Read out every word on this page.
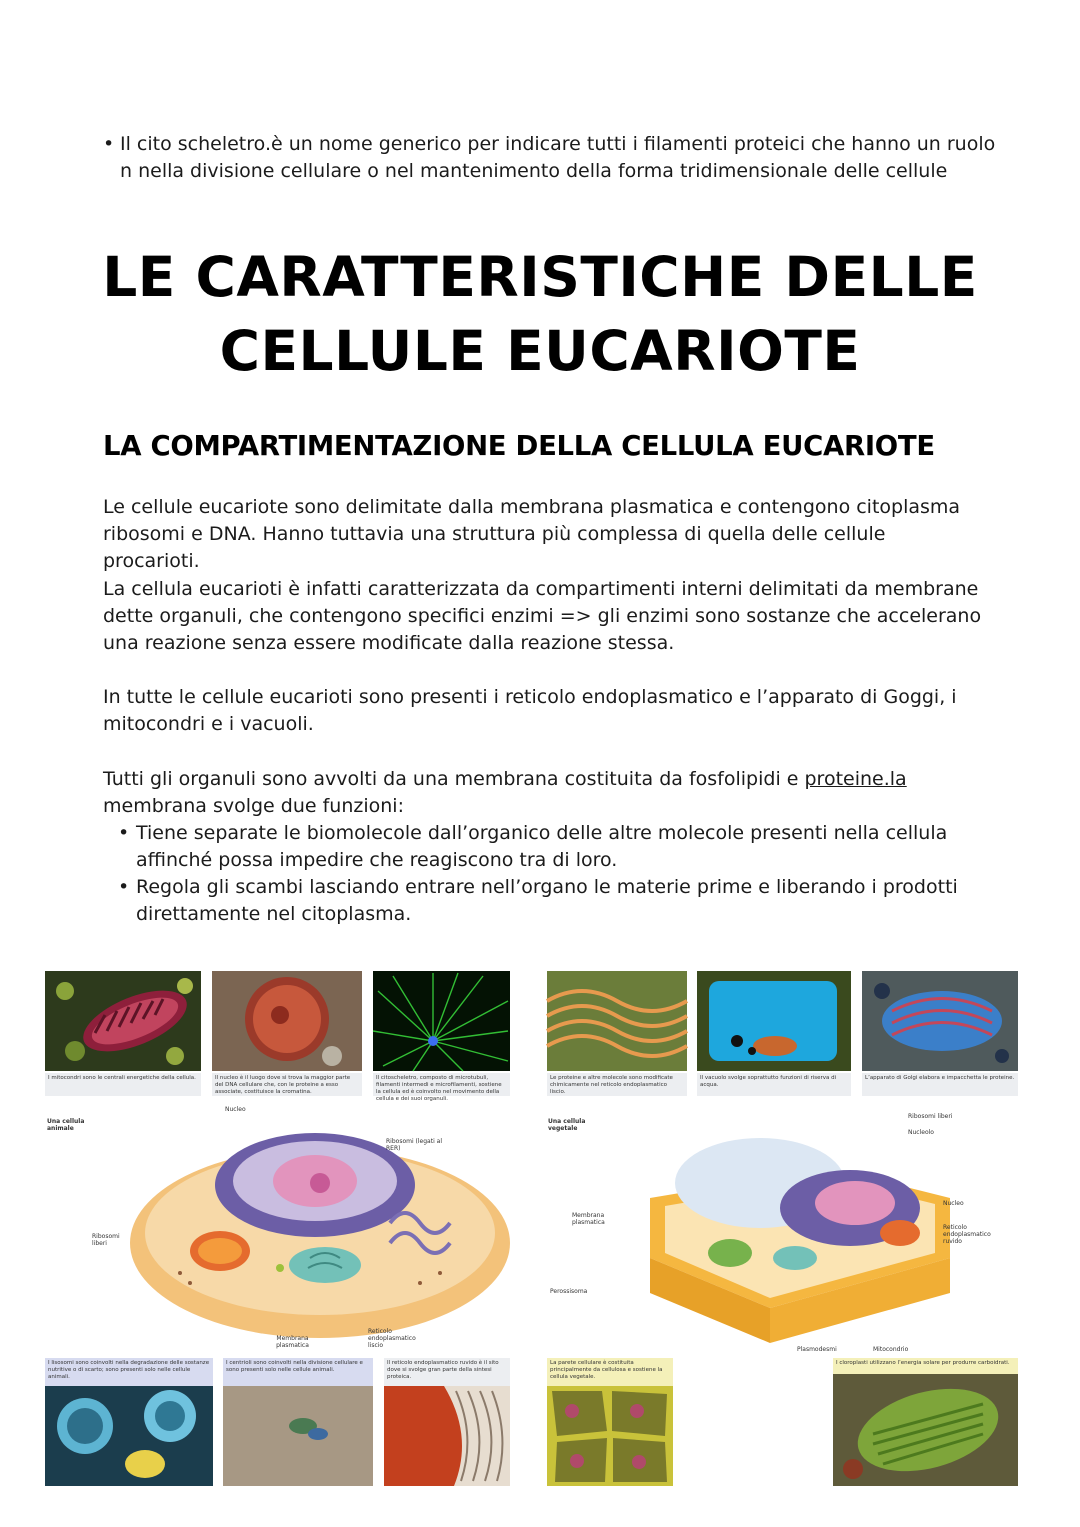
• Il cito scheletro.è un nome generico per indicare tutti i filamenti proteici che hanno un ruolo n nella divisione cellulare o nel mantenimento della forma tridimensionale delle cellule
LE CARATTERISTICHE DELLE
CELLULE EUCARIOTE
LA COMPARTIMENTAZIONE DELLA CELLULA EUCARIOTE

Le cellule eucariote sono delimitate dalla membrana plasmatica e contengono citoplasma ribosomi e DNA. Hanno tuttavia una struttura più complessa di quella delle cellule procarioti.

La cellula eucarioti è infatti caratterizzata da compartimenti interni delimitati da membrane dette organuli, che contengono specifici enzimi => gli enzimi sono sostanze che accelerano una reazione senza essere modificate dalla reazione stessa.

In tutte le cellule eucarioti sono presenti i reticolo endoplasmatico e l’apparato di Goggi, i mitocondri e i vacuoli.

Tutti gli organuli sono avvolti da una membrana costituita da fosfolipidi e proteine.la membrana svolge due funzioni:

• Tiene separate le biomolecole dall’organico delle altre molecole presenti nella cellula affinché possa impedire che reagiscono tra di loro.
• Regola gli scambi lasciando entrare nell’organo le materie prime e liberando i prodotti direttamente nel citoplasma.
I mitocondri sono le centrali energetiche della cellula.	Il nucleo è il luogo dove si trova la maggior parte del DNA cellulare che, con le proteine a esso associate, costituisce la cromatina.
Il citoscheletro, composto di microtubuli, filamenti intermedi e microfilamenti, sostiene la cellula ed è coinvolto nel movimento della cellula e dei suoi organuli.
Una cellula animale
Nucleo
Ribosomi (legati al RER)
Ribosomi liberi
Membrana plasmatica
Reticolo endoplasmatico liscio
I lisosomi sono coinvolti nella degradazione delle sostanze nutritive o di scarto; sono presenti solo nelle cellule animali.
I centrioli sono coinvolti nella divisione cellulare e sono presenti solo nelle cellule animali.
Il reticolo endoplasmatico ruvido è il sito dove si svolge gran parte della sintesi proteica.
Le proteine e altre molecole sono modificate chimicamente nel reticolo endoplasmatico liscio.
Il vacuolo svolge soprattutto funzioni di riserva di acqua.
L’apparato di Golgi elabora e impacchetta le proteine.
Una cellula vegetale
Ribosomi liberi
Nucleolo
Nucleo
Reticolo endoplasmatico ruvido
Membrana plasmatica
Perossisoma
Plasmodesmi	Mitocondrio
La parete cellulare è costituita principalmente da cellulosa e sostiene la cellula vegetale.
I cloroplasti utilizzano l’energia solare per produrre carboidrati.
